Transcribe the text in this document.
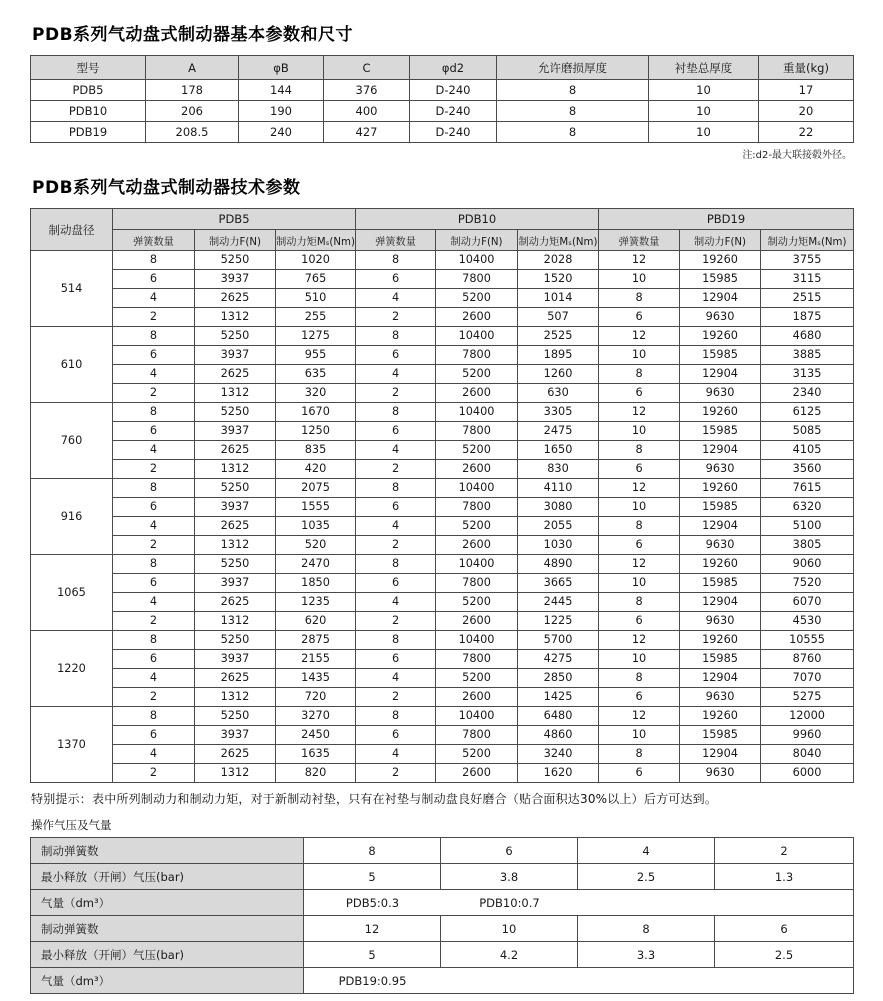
PDB系列气动盘式制动器基本参数和尺寸
型号	A	φB	C	φd2	允许磨损厚度	衬垫总厚度	重量(kg)
PDB5	178	144	376	D-240	8	10	17
PDB10	206	190	400	D-240	8	10	20
PDB19	208.5	240	427	D-240	8	10	22
注:d2-最大联接毂外径。
PDB系列气动盘式制动器技术参数
制动盘径	PDB5			PDB10			PBD19		
	弹簧数量	制动力F(N)	制动力矩Mₛ(Nm)	弹簧数量	制动力F(N)	制动力矩Mₛ(Nm)	弹簧数量	制动力F(N)	制动力矩Mₛ(Nm)
514	8	5250	1020	8	10400	2028	12	19260	3755
	6	3937	765	6	7800	1520	10	15985	3115
	4	2625	510	4	5200	1014	8	12904	2515
	2	1312	255	2	2600	507	6	9630	1875
610	8	5250	1275	8	10400	2525	12	19260	4680
	6	3937	955	6	7800	1895	10	15985	3885
	4	2625	635	4	5200	1260	8	12904	3135
	2	1312	320	2	2600	630	6	9630	2340
760	8	5250	1670	8	10400	3305	12	19260	6125
	6	3937	1250	6	7800	2475	10	15985	5085
	4	2625	835	4	5200	1650	8	12904	4105
	2	1312	420	2	2600	830	6	9630	3560
916	8	5250	2075	8	10400	4110	12	19260	7615
	6	3937	1555	6	7800	3080	10	15985	6320
	4	2625	1035	4	5200	2055	8	12904	5100
	2	1312	520	2	2600	1030	6	9630	3805
1065	8	5250	2470	8	10400	4890	12	19260	9060
	6	3937	1850	6	7800	3665	10	15985	7520
	4	2625	1235	4	5200	2445	8	12904	6070
	2	1312	620	2	2600	1225	6	9630	4530
1220	8	5250	2875	8	10400	5700	12	19260	10555
	6	3937	2155	6	7800	4275	10	15985	8760
	4	2625	1435	4	5200	2850	8	12904	7070
	2	1312	720	2	2600	1425	6	9630	5275
1370	8	5250	3270	8	10400	6480	12	19260	12000
	6	3937	2450	6	7800	4860	10	15985	9960
	4	2625	1635	4	5200	3240	8	12904	8040
	2	1312	820	2	2600	1620	6	9630	6000
特别提示：表中所列制动力和制动力矩，对于新制动衬垫，只有在衬垫与制动盘良好磨合（贴合面积达30%以上）后方可达到。
操作气压及气量
制动弹簧数	8	6	4	2
最小释放（开闸）气压(bar)	5	3.8	2.5	1.3
气量（dm³）	PDB5:0.3 PDB10:0.7			
制动弹簧数	12	10	8	6
最小释放（开闸）气压(bar)	5	4.2	3.3	2.5
气量（dm³）	PDB19:0.95			
